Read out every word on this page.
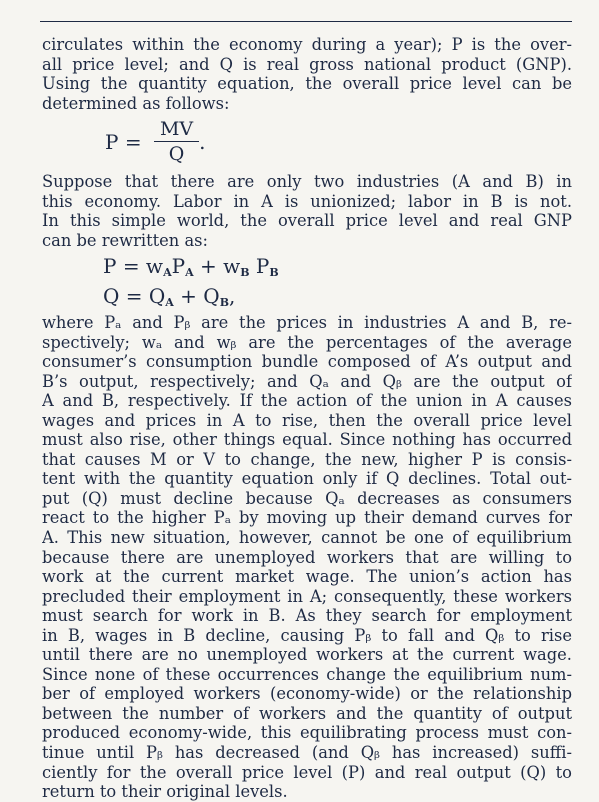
circulates within the economy during a year); P is the over-
all price level; and Q is real gross national product (GNP).
Using the quantity equation, the overall price level can be
determined as follows:
$P = \frac{MV}{Q}$ .
Suppose that there are only two industries (A and B) in
this economy. Labor in A is unionized; labor in B is not.
In this simple world, the overall price level and real GNP
can be rewritten as:
$P = w_AP_A + w_B$ $P_B$
$Q = Q_A + Q_B$,
where Pₐ and Pᵦ are the prices in industries A and B, re-
spectively; wₐ and wᵦ are the percentages of the average
consumer’s consumption bundle composed of A’s output and
B’s output, respectively; and Qₐ and Qᵦ are the output of
A and B, respectively. If the action of the union in A causes
wages and prices in A to rise, then the overall price level
must also rise, other things equal. Since nothing has occurred
that causes M or V to change, the new, higher P is consis-
tent with the quantity equation only if Q declines. Total out-
put (Q) must decline because Qₐ decreases as consumers
react to the higher Pₐ by moving up their demand curves for
A. This new situation, however, cannot be one of equilibrium
because there are unemployed workers that are willing to
work at the current market wage. The union’s action has
precluded their employment in A; consequently, these workers
must search for work in B. As they search for employment
in B, wages in B decline, causing Pᵦ to fall and Qᵦ to rise
until there are no unemployed workers at the current wage.
Since none of these occurrences change the equilibrium num-
ber of employed workers (economy-wide) or the relationship
between the number of workers and the quantity of output
produced economy-wide, this equilibrating process must con-
tinue until Pᵦ has decreased (and Qᵦ has increased) suffi-
ciently for the overall price level (P) and real output (Q) to
return to their original levels.
